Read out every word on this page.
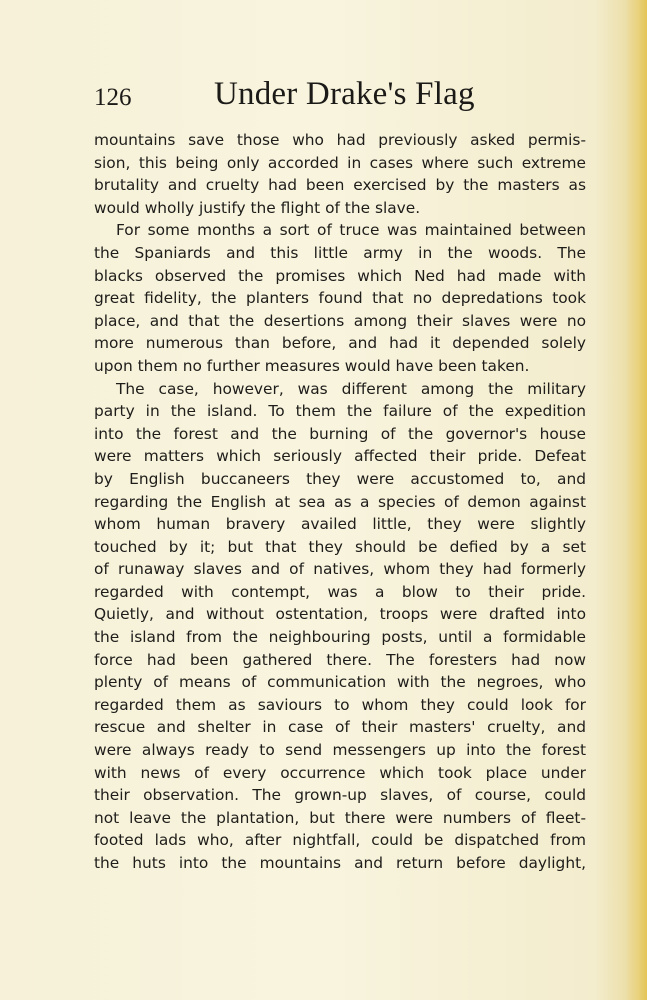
126	Under Drake's Flag
mountains save those who had previously asked permis-
sion, this being only accorded in cases where such extreme
brutality and cruelty had been exercised by the masters as
would wholly justify the flight of the slave.
For some months a sort of truce was maintained between
the Spaniards and this little army in the woods. The
blacks observed the promises which Ned had made with
great fidelity, the planters found that no depredations took
place, and that the desertions among their slaves were no
more numerous than before, and had it depended solely
upon them no further measures would have been taken.
The case, however, was different among the military
party in the island. To them the failure of the expedition
into the forest and the burning of the governor's house
were matters which seriously affected their pride. Defeat
by English buccaneers they were accustomed to, and
regarding the English at sea as a species of demon against
whom human bravery availed little, they were slightly
touched by it; but that they should be defied by a set
of runaway slaves and of natives, whom they had formerly
regarded with contempt, was a blow to their pride.
Quietly, and without ostentation, troops were drafted into
the island from the neighbouring posts, until a formidable
force had been gathered there. The foresters had now
plenty of means of communication with the negroes, who
regarded them as saviours to whom they could look for
rescue and shelter in case of their masters' cruelty, and
were always ready to send messengers up into the forest
with news of every occurrence which took place under
their observation. The grown-up slaves, of course, could
not leave the plantation, but there were numbers of fleet-
footed lads who, after nightfall, could be dispatched from
the huts into the mountains and return before daylight,
